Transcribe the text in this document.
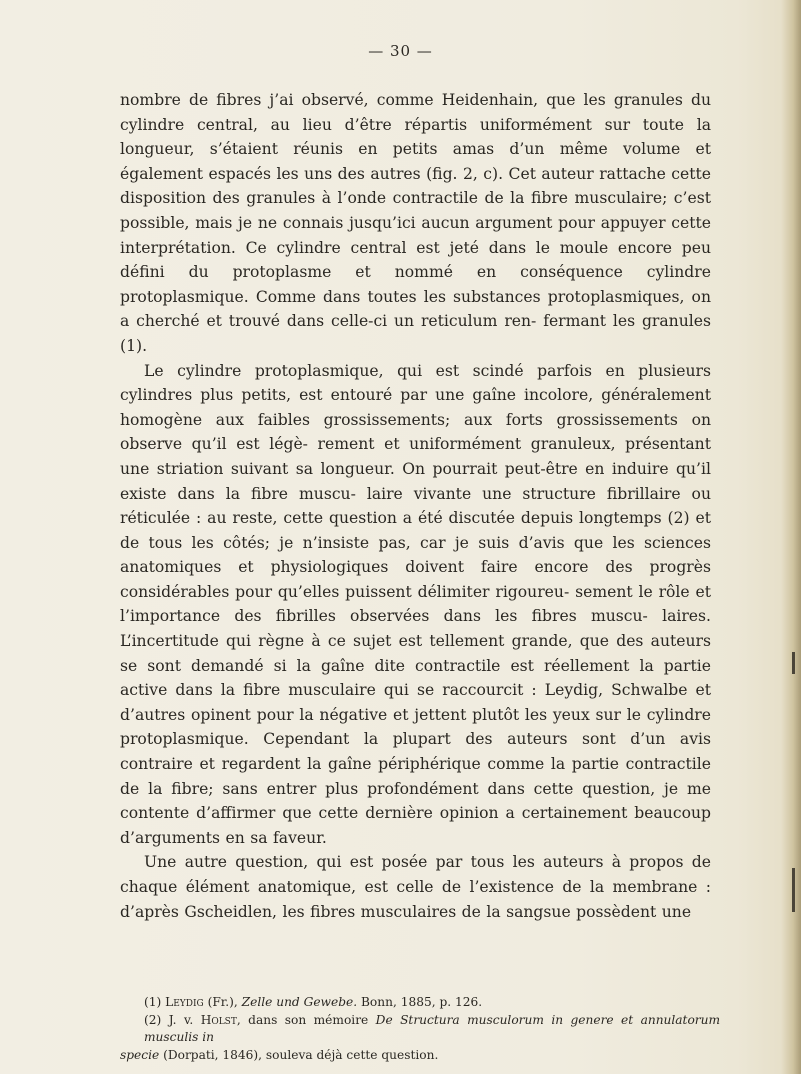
— 30 —

nombre de fibres j’ai observé, comme Heidenhain, que les granules du cylindre central, au lieu d’être répartis uniformément sur toute la longueur, s’étaient réunis en petits amas d’un même volume et également espacés les uns des autres (fig. 2, c). Cet auteur rattache cette disposition des granules à l’onde contractile de la fibre musculaire; c’est possible, mais je ne connais jusqu’ici aucun argument pour appuyer cette interprétation. Ce cylindre central est jeté dans le moule encore peu défini du protoplasme et nommé en conséquence cylindre protoplasmique. Comme dans toutes les substances protoplasmiques, on a cherché et trouvé dans celle-ci un reticulum ren- fermant les granules (1).

Le cylindre protoplasmique, qui est scindé parfois en plusieurs cylindres plus petits, est entouré par une gaîne incolore, généralement homogène aux faibles grossissements; aux forts grossissements on observe qu’il est légè- rement et uniformément granuleux, présentant une striation suivant sa longueur. On pourrait peut-être en induire qu’il existe dans la fibre muscu- laire vivante une structure fibrillaire ou réticulée : au reste, cette question a été discutée depuis longtemps (2) et de tous les côtés; je n’insiste pas, car je suis d’avis que les sciences anatomiques et physiologiques doivent faire encore des progrès considérables pour qu’elles puissent délimiter rigoureu- sement le rôle et l’importance des fibrilles observées dans les fibres muscu- laires. L’incertitude qui règne à ce sujet est tellement grande, que des auteurs se sont demandé si la gaîne dite contractile est réellement la partie active dans la fibre musculaire qui se raccourcit : Leydig, Schwalbe et d’autres opinent pour la négative et jettent plutôt les yeux sur le cylindre protoplasmique. Cependant la plupart des auteurs sont d’un avis contraire et regardent la gaîne périphérique comme la partie contractile de la fibre; sans entrer plus profondément dans cette question, je me contente d’affirmer que cette dernière opinion a certainement beaucoup d’arguments en sa faveur.

Une autre question, qui est posée par tous les auteurs à propos de chaque élément anatomique, est celle de l’existence de la membrane : d’après Gscheidlen, les fibres musculaires de la sangsue possèdent une

(1) Leydig (Fr.), Zelle und Gewebe. Bonn, 1885, p. 126.

(2) J. v. Holst, dans son mémoire De Structura musculorum in genere et annulatorum musculis in

specie (Dorpati, 1846), souleva déjà cette question.
